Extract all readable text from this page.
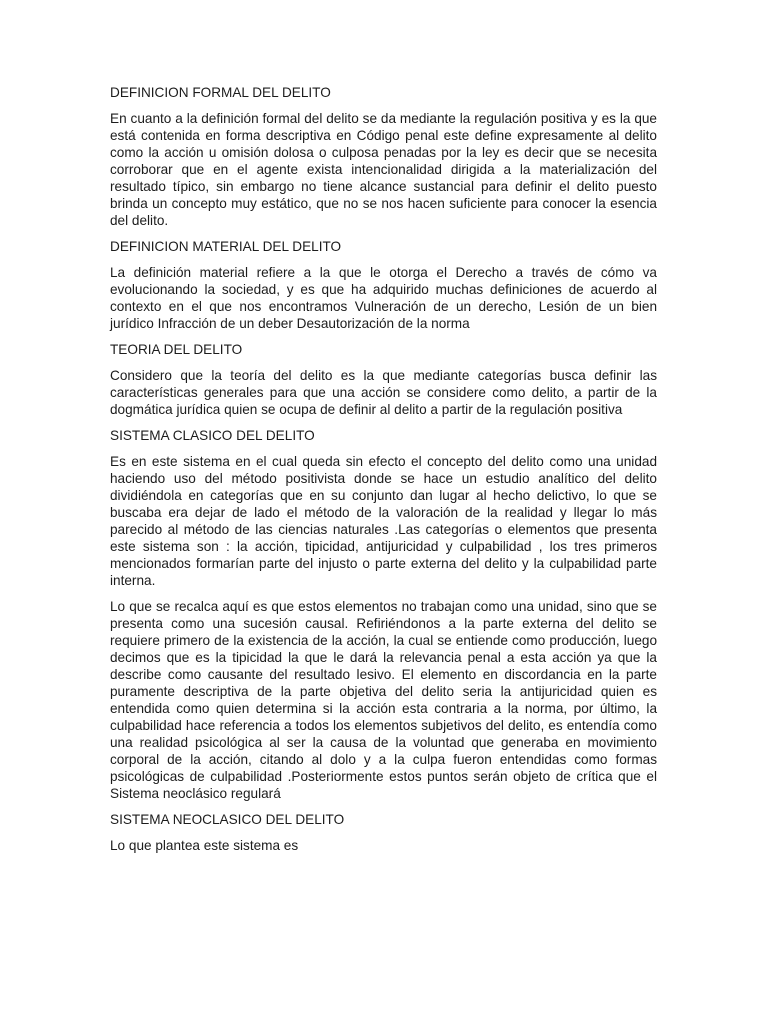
DEFINICION FORMAL DEL DELITO

En cuanto a la definición formal del delito se da mediante la regulación positiva y es la que está contenida en forma descriptiva en Código penal este define expresamente al delito como la acción u omisión dolosa o culposa penadas por la ley es decir que se necesita corroborar que en el agente exista intencionalidad dirigida a la materialización del resultado típico, sin embargo no tiene alcance sustancial para definir el delito puesto brinda un concepto muy estático, que no se nos hacen suficiente para conocer la esencia del delito.

DEFINICION MATERIAL DEL DELITO

La definición material refiere a la que le otorga el Derecho a través de cómo va evolucionando la sociedad, y es que ha adquirido muchas definiciones de acuerdo al contexto en el que nos encontramos Vulneración de un derecho, Lesión de un bien jurídico Infracción de un deber Desautorización de la norma

TEORIA DEL DELITO

Considero que la teoría del delito es la que mediante categorías busca definir las características generales para que una acción se considere como delito, a partir de la dogmática jurídica quien se ocupa de definir al delito a partir de la regulación positiva

SISTEMA CLASICO DEL DELITO

Es en este sistema en el cual queda sin efecto el concepto del delito como una unidad haciendo uso del método positivista donde se hace un estudio analítico del delito dividiéndola en categorías que en su conjunto dan lugar al hecho delictivo, lo que se buscaba era dejar de lado el método de la valoración de la realidad y llegar lo más parecido al método de las ciencias naturales .Las categorías o elementos que presenta este sistema son : la acción, tipicidad, antijuricidad y culpabilidad , los tres primeros mencionados formarían parte del injusto o parte externa del delito y la culpabilidad parte interna.

Lo que se recalca aquí es que estos elementos no trabajan como una unidad, sino que se presenta como una sucesión causal. Refiriéndonos a la parte externa del delito se requiere primero de la existencia de la acción, la cual se entiende como producción, luego decimos que es la tipicidad la que le dará la relevancia penal a esta acción ya que la describe como causante del resultado lesivo. El elemento en discordancia en la parte puramente descriptiva de la parte objetiva del delito seria la antijuricidad quien es entendida como quien determina si la acción esta contraria a la norma, por último, la culpabilidad hace referencia a todos los elementos subjetivos del delito, es entendía como una realidad psicológica al ser la causa de la voluntad que generaba en movimiento corporal de la acción, citando al dolo y a la culpa fueron entendidas como formas psicológicas de culpabilidad .Posteriormente estos puntos serán objeto de crítica que el Sistema neoclásico regulará

SISTEMA NEOCLASICO DEL DELITO

Lo que plantea este sistema es
